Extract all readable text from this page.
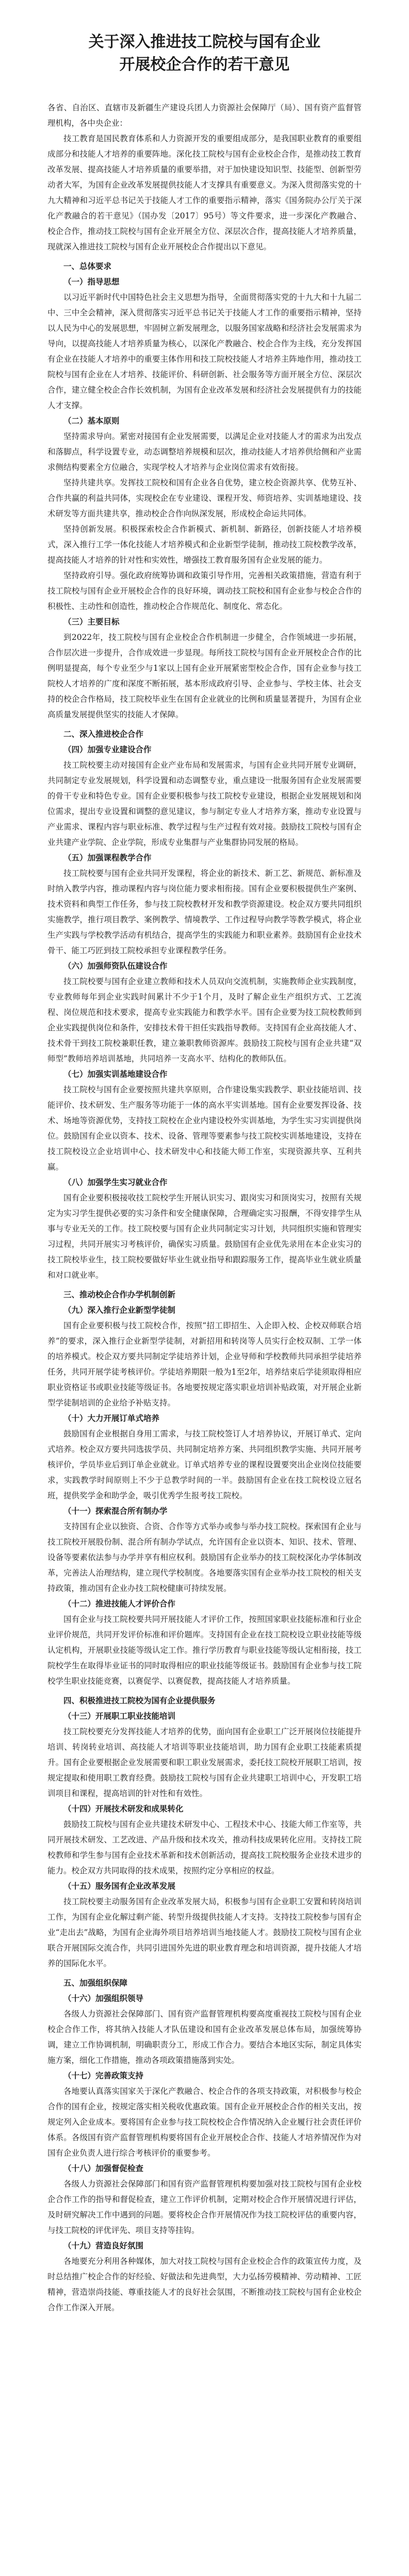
关于深入推进技工院校与国有企业
开展校企合作的若干意见

各省、自治区、直辖市及新疆生产建设兵团人力资源社会保障厅（局）、国有资产监督管理机构，各中央企业：

技工教育是国民教育体系和人力资源开发的重要组成部分，是我国职业教育的重要组成部分和技能人才培养的重要阵地。深化技工院校与国有企业校企合作，是推动技工教育改革发展、提高技能人才培养质量的重要举措，对于加快建设知识型、技能型、创新型劳动者大军，为国有企业改革发展提供技能人才支撑具有重要意义。为深入贯彻落实党的十九大精神和习近平总书记关于技能人才工作的重要指示精神，落实《国务院办公厅关于深化产教融合的若干意见》（国办发〔2017〕95号）等文件要求，进一步深化产教融合、校企合作，推动技工院校与国有企业开展全方位、深层次合作，提高技能人才培养质量，现就深入推进技工院校与国有企业开展校企合作提出以下意见。

一、总体要求

（一）指导思想

以习近平新时代中国特色社会主义思想为指导，全面贯彻落实党的十九大和十九届二中、三中全会精神，深入贯彻落实习近平总书记关于技能人才工作的重要指示精神，坚持以人民为中心的发展思想，牢固树立新发展理念，以服务国家战略和经济社会发展需求为导向，以提高技能人才培养质量为核心，以深化产教融合、校企合作为主线，充分发挥国有企业在技能人才培养中的重要主体作用和技工院校技能人才培养主阵地作用，推动技工院校与国有企业在人才培养、技能评价、科研创新、社会服务等方面开展全方位、深层次合作，建立健全校企合作长效机制，为国有企业改革发展和经济社会发展提供有力的技能人才支撑。

（二）基本原则

坚持需求导向。紧密对接国有企业发展需要，以满足企业对技能人才的需求为出发点和落脚点，科学设置专业，动态调整培养规模和层次，推动技能人才培养供给侧和产业需求侧结构要素全方位融合，实现学校人才培养与企业岗位需求有效衔接。

坚持共建共享。发挥技工院校和国有企业各自优势，建立校企资源共享、优势互补、合作共赢的利益共同体，实现校企在专业建设、课程开发、师资培养、实训基地建设、技术研发等方面共建共享，推动校企合作向纵深发展，形成校企命运共同体。

坚持创新发展。积极探索校企合作新模式、新机制、新路径，创新技能人才培养模式，深入推行工学一体化技能人才培养模式和企业新型学徒制，推动技工院校教学改革，提高技能人才培养的针对性和实效性，增强技工教育服务国有企业发展的能力。

坚持政府引导。强化政府统筹协调和政策引导作用，完善相关政策措施，营造有利于技工院校与国有企业开展校企合作的良好环境，调动技工院校和国有企业参与校企合作的积极性、主动性和创造性，推动校企合作规范化、制度化、常态化。

（三）主要目标

到2022年，技工院校与国有企业校企合作机制进一步健全，合作领域进一步拓展，合作层次进一步提升，合作成效进一步显现。每所技工院校与国有企业开展校企合作的比例明显提高，每个专业至少与1家以上国有企业开展紧密型校企合作，国有企业参与技工院校人才培养的广度和深度不断拓展，基本形成政府引导、企业参与、学校主体、社会支持的校企合作格局，技工院校毕业生在国有企业就业的比例和质量显著提升，为国有企业高质量发展提供坚实的技能人才保障。

二、深入推进校企合作

（四）加强专业建设合作

技工院校要主动对接国有企业产业布局和发展需求，与国有企业共同开展专业调研，共同制定专业发展规划，科学设置和动态调整专业，重点建设一批服务国有企业发展需要的骨干专业和特色专业。国有企业要积极参与技工院校专业建设，根据企业发展规划和岗位需求，提出专业设置和调整的意见建议，参与制定专业人才培养方案，推动专业设置与产业需求、课程内容与职业标准、教学过程与生产过程有效对接。鼓励技工院校与国有企业共建产业学院、企业学院，形成专业集群与产业集群协同发展的格局。

（五）加强课程教学合作

技工院校要与国有企业共同开发课程，将企业的新技术、新工艺、新规范、新标准及时纳入教学内容，推动课程内容与岗位能力要求相衔接。国有企业要积极提供生产案例、技术资料和典型工作任务，参与技工院校教材开发和教学资源建设。校企双方要共同组织实施教学，推行项目教学、案例教学、情境教学、工作过程导向教学等教学模式，将企业生产实践与学校教学活动有机结合，提高学生的实践能力和职业素养。鼓励国有企业技术骨干、能工巧匠到技工院校承担专业课程教学任务。

（六）加强师资队伍建设合作

技工院校要与国有企业建立教师和技术人员双向交流机制，实施教师企业实践制度，专业教师每年到企业实践时间累计不少于1个月，及时了解企业生产组织方式、工艺流程、岗位规范和技术要求，提高专业实践能力和教学水平。国有企业要为技工院校教师到企业实践提供岗位和条件，安排技术骨干担任实践指导教师。支持国有企业高技能人才、技术骨干到技工院校兼职任教，建立兼职教师资源库。鼓励技工院校与国有企业共建“双师型”教师培养培训基地，共同培养一支高水平、结构化的教师队伍。

（七）加强实训基地建设合作

技工院校与国有企业要按照共建共享原则，合作建设集实践教学、职业技能培训、技能评价、技术研发、生产服务等功能于一体的高水平实训基地。国有企业要发挥设备、技术、场地等资源优势，支持技工院校在企业内建设校外实训基地，为学生实习实训提供岗位。鼓励国有企业以资本、技术、设备、管理等要素参与技工院校实训基地建设，支持在技工院校设立企业培训中心、技术研发中心和技能大师工作室，实现资源共享、互利共赢。

（八）加强学生实习就业合作

国有企业要积极接收技工院校学生开展认识实习、跟岗实习和顶岗实习，按照有关规定为实习学生提供必要的实习条件和安全健康保障，合理确定实习报酬，不得安排学生从事与专业无关的工作。技工院校要与国有企业共同制定实习计划，共同组织实施和管理实习过程，共同开展实习考核评价，确保实习质量。鼓励国有企业优先录用在本企业实习的技工院校毕业生，技工院校要做好毕业生就业指导和跟踪服务工作，提高毕业生就业质量和对口就业率。

三、推动校企合作办学机制创新

（九）深入推行企业新型学徒制

国有企业要积极与技工院校合作，按照“招工即招生、入企即入校、企校双师联合培养”的要求，深入推行企业新型学徒制，对新招用和转岗等人员实行企校双制、工学一体的培养模式。校企双方要共同制定学徒培养计划，企业导师和学校教师共同承担学徒培养任务，共同开展学徒考核评价。学徒培养期限一般为1至2年，培养结束后学徒须取得相应职业资格证书或职业技能等级证书。各地要按规定落实职业培训补贴政策，对开展企业新型学徒制培训的企业给予补贴支持。

（十）大力开展订单式培养

鼓励国有企业根据自身用工需求，与技工院校签订人才培养协议，开展订单式、定向式培养。校企双方要共同选拔学员、共同制定培养方案、共同组织教学实施、共同开展考核评价，学员毕业后到订单企业就业。订单式培养专业的课程设置要突出企业岗位技能要求，实践教学时间原则上不少于总教学时间的一半。鼓励国有企业在技工院校设立冠名班，提供奖学金和助学金，吸引优秀学生报考技工院校。

（十一）探索混合所有制办学

支持国有企业以独资、合资、合作等方式举办或参与举办技工院校。探索国有企业与技工院校开展股份制、混合所有制办学试点，允许国有企业以资本、知识、技术、管理、设备等要素依法参与办学并享有相应权利。鼓励国有企业举办的技工院校深化办学体制改革，完善法人治理结构，建立现代学校制度。各地要落实国有企业举办技工院校的相关支持政策，推动国有企业办技工院校健康可持续发展。

（十二）推进技能人才评价合作

国有企业与技工院校要共同开展技能人才评价工作，按照国家职业技能标准和行业企业评价规范，共同开发评价标准和评价题库。支持国有企业在技工院校设立职业技能等级认定机构，开展职业技能等级认定工作。推行学历教育与职业技能等级认定相衔接，技工院校学生在取得毕业证书的同时取得相应的职业技能等级证书。鼓励国有企业参与技工院校学生职业技能竞赛，以赛促学、以赛促教，提高技能人才培养质量。

四、积极推进技工院校为国有企业提供服务

（十三）开展职工职业技能培训

技工院校要充分发挥技能人才培养的优势，面向国有企业职工广泛开展岗位技能提升培训、转岗转业培训、高技能人才培训等职业技能培训，助力国有企业职工技能素质提升。国有企业要根据企业发展需要和职工职业发展需求，委托技工院校开展职工培训，按规定提取和使用职工教育经费。鼓励技工院校与国有企业共建职工培训中心，开发职工培训项目和课程，提高培训的针对性和有效性。

（十四）开展技术研发和成果转化

鼓励技工院校与国有企业共建技术研发中心、工程技术中心、技能大师工作室等，共同开展技术研发、工艺改进、产品升级和技术攻关，推动科技成果转化应用。支持技工院校教师和学生参与国有企业技术革新和技术创新活动，提高技工院校服务企业技术进步的能力。校企双方共同取得的技术成果，按照约定分享相应的权益。

（十五）服务国有企业改革发展

技工院校要主动服务国有企业改革发展大局，积极参与国有企业职工安置和转岗培训工作，为国有企业化解过剩产能、转型升级提供技能人才支持。支持技工院校参与国有企业“走出去”战略，为国有企业海外项目培养培训当地技能人才。鼓励技工院校与国有企业联合开展国际交流合作，共同引进国外先进的职业教育理念和培训资源，提升技能人才培养的国际化水平。

五、加强组织保障

（十六）加强组织领导

各级人力资源社会保障部门、国有资产监督管理机构要高度重视技工院校与国有企业校企合作工作，将其纳入技能人才队伍建设和国有企业改革发展总体布局，加强统筹协调，建立工作协调机制，明确职责分工，形成工作合力。要结合本地区实际，制定具体实施方案，细化工作措施，推动各项政策措施落到实处。

（十七）完善政策支持

各地要认真落实国家关于深化产教融合、校企合作的各项支持政策，对积极参与校企合作的国有企业，按规定落实相关税收优惠政策。国有企业开展校企合作的相关支出，按规定列入企业成本。要将国有企业参与技工院校校企合作情况纳入企业履行社会责任评价体系。各级国有资产监督管理机构要将国有企业开展校企合作、技能人才培养情况作为对国有企业负责人进行综合考核评价的重要参考。

（十八）加强督促检查

各级人力资源社会保障部门和国有资产监督管理机构要加强对技工院校与国有企业校企合作工作的指导和督促检查，建立工作评价机制，定期对校企合作开展情况进行评估，及时研究解决工作中遇到的问题。要将校企合作开展情况作为技工院校评估的重要内容，与技工院校的评优评先、项目支持等挂钩。

（十九）营造良好氛围

各地要充分利用各种媒体，加大对技工院校与国有企业校企合作的政策宣传力度，及时总结推广校企合作的好经验、好做法和先进典型，大力弘扬劳模精神、劳动精神、工匠精神，营造崇尚技能、尊重技能人才的良好社会氛围，不断推动技工院校与国有企业校企合作工作深入开展。
